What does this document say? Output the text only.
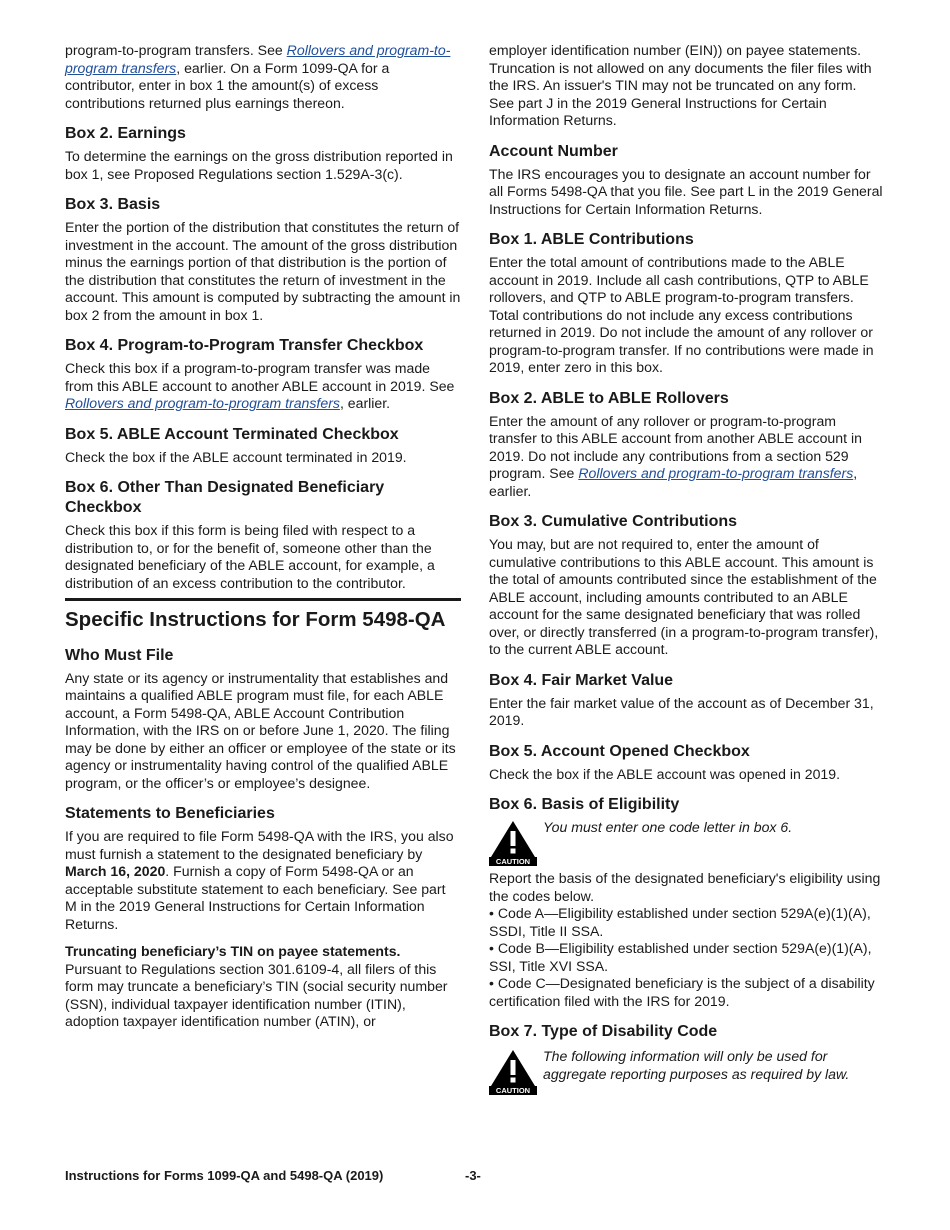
program-to-program transfers. See Rollovers and program-to-program transfers, earlier. On a Form 1099-QA for a contributor, enter in box 1 the amount(s) of excess contributions returned plus earnings thereon.

Box 2. Earnings

To determine the earnings on the gross distribution reported in box 1, see Proposed Regulations section 1.529A-3(c).

Box 3. Basis

Enter the portion of the distribution that constitutes the return of investment in the account. The amount of the gross distribution minus the earnings portion of that distribution is the portion of the distribution that constitutes the return of investment in the account. This amount is computed by subtracting the amount in box 2 from the amount in box 1.

Box 4. Program-to-Program Transfer Checkbox

Check this box if a program-to-program transfer was made from this ABLE account to another ABLE account in 2019. See Rollovers and program-to-program transfers, earlier.

Box 5. ABLE Account Terminated Checkbox

Check the box if the ABLE account terminated in 2019.

Box 6. Other Than Designated Beneficiary Checkbox

Check this box if this form is being filed with respect to a distribution to, or for the benefit of, someone other than the designated beneficiary of the ABLE account, for example, a distribution of an excess contribution to the contributor.

Specific Instructions for Form 5498-QA
Who Must File

Any state or its agency or instrumentality that establishes and maintains a qualified ABLE program must file, for each ABLE account, a Form 5498-QA, ABLE Account Contribution Information, with the IRS on or before June 1, 2020. The filing may be done by either an officer or employee of the state or its agency or instrumentality having control of the qualified ABLE program, or the officer’s or employee’s designee.

Statements to Beneficiaries

If you are required to file Form 5498-QA with the IRS, you also must furnish a statement to the designated beneficiary by March 16, 2020. Furnish a copy of Form 5498-QA or an acceptable substitute statement to each beneficiary. See part M in the 2019 General Instructions for Certain Information Returns.

Truncating beneficiary’s TIN on payee statements.
Pursuant to Regulations section 301.6109-4, all filers of this form may truncate a beneficiary’s TIN (social security number (SSN), individual taxpayer identification number (ITIN), adoption taxpayer identification number (ATIN), or

employer identification number (EIN)) on payee statements. Truncation is not allowed on any documents the filer files with the IRS. An issuer's TIN may not be truncated on any form. See part J in the 2019 General Instructions for Certain Information Returns.

Account Number

The IRS encourages you to designate an account number for all Forms 5498-QA that you file. See part L in the 2019 General Instructions for Certain Information Returns.

Box 1. ABLE Contributions

Enter the total amount of contributions made to the ABLE account in 2019. Include all cash contributions, QTP to ABLE rollovers, and QTP to ABLE program-to-program transfers. Total contributions do not include any excess contributions returned in 2019. Do not include the amount of any rollover or program-to-program transfer. If no contributions were made in 2019, enter zero in this box.

Box 2. ABLE to ABLE Rollovers

Enter the amount of any rollover or program-to-program transfer to this ABLE account from another ABLE account in 2019. Do not include any contributions from a section 529 program. See Rollovers and program-to-program transfers, earlier.

Box 3. Cumulative Contributions

You may, but are not required to, enter the amount of cumulative contributions to this ABLE account. This amount is the total of amounts contributed since the establishment of the ABLE account, including amounts contributed to an ABLE account for the same designated beneficiary that was rolled over, or directly transferred (in a program-to-program transfer), to the current ABLE account.

Box 4. Fair Market Value

Enter the fair market value of the account as of December 31, 2019.

Box 5. Account Opened Checkbox

Check the box if the ABLE account was opened in 2019.

Box 6. Basis of Eligibility
CAUTION

You must enter one code letter in box 6.

Report the basis of the designated beneficiary's eligibility using the codes below.

• Code A—Eligibility established under section 529A(e)(1)(A), SSDI, Title II SSA.

• Code B—Eligibility established under section 529A(e)(1)(A), SSI, Title XVI SSA.

• Code C—Designated beneficiary is the subject of a disability certification filed with the IRS for 2019.

Box 7. Type of Disability Code
CAUTION

The following information will only be used for aggregate reporting purposes as required by law.

Instructions for Forms 1099-QA and 5498-QA (2019)	-3-
